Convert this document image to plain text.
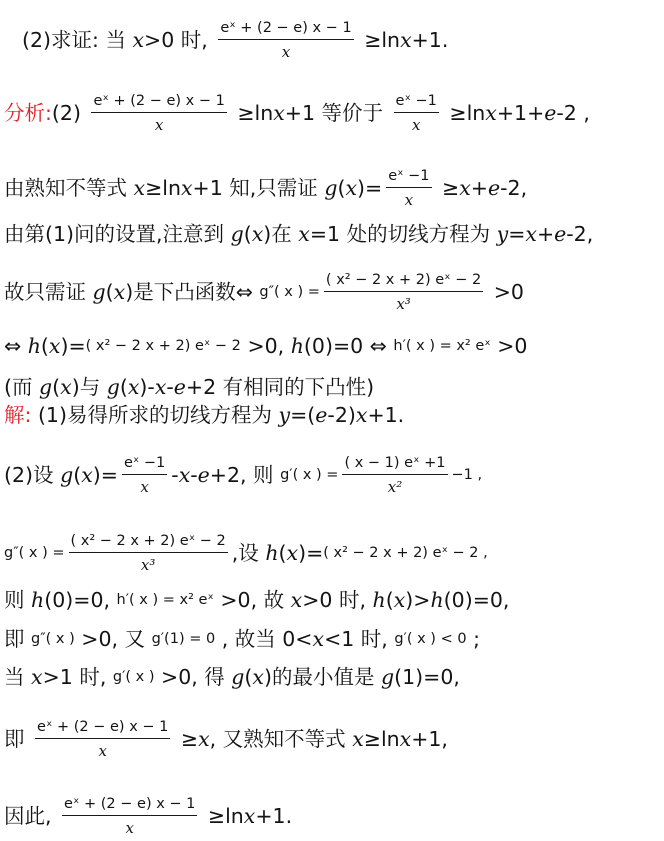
(2)求证: 当 x>0 时, $\frac{\text{eˣ + (2 − e) x − 1}}{x} \ge\ln x+1$.
分析:(2) $\frac{\text{eˣ + (2 − e) x − 1}}{x} \ge\ln x+1$ 等价于 $\frac{\text{eˣ −1}}{x} \ge\ln x+1+e-2$ ,
由熟知不等式 x≥lnx+1 知,只需证 $g(x)= \frac{\text{eˣ −1}}{x} \ge x+e-2$,
由第(1)问的设置,注意到 g(x)在 x=1 处的切线方程为 y=x+e-2,
故只需证 g(x)是下凸函数⇔ g″( x ) = $\frac{\text{( x² − 2 x + 2) eˣ − 2}}{\text{x³}} >0$
⇔ h(x)=( x² − 2 x + 2) eˣ − 2 >0, h(0)=0 ⇔ h′( x ) = x² eˣ >0
(而 g(x)与 g(x)-x-e+2 有相同的下凸性)
解: (1)易得所求的切线方程为 y=(e-2)x+1.
(2)设 $g(x)= \frac{\text{eˣ −1}}{x} -x-e+2$, 则 g′( x ) = $\frac{\text{( x − 1) eˣ +1}}{\text{x²}} -1$ ,
g″( x ) = $\frac{\text{( x² − 2 x + 2) eˣ − 2}}{\text{x³}}$ ,设 h(x)=( x² − 2 x + 2) eˣ − 2 ,
则 h(0)=0, h′( x ) = x² eˣ >0, 故 x>0 时, h(x)>h(0)=0,
即 g″( x ) >0, 又 g′(1) = 0 , 故当 0<x<1 时, g′( x ) < 0 ;
当 x>1 时, g′( x ) >0, 得 g(x)的最小值是 g(1)=0,
即 $\frac{\text{eˣ + (2 − e) x − 1}}{x} \ge x$, 又熟知不等式 x≥lnx+1,
因此, $\frac{\text{eˣ + (2 − e) x − 1}}{x} \ge\ln x+1$.
